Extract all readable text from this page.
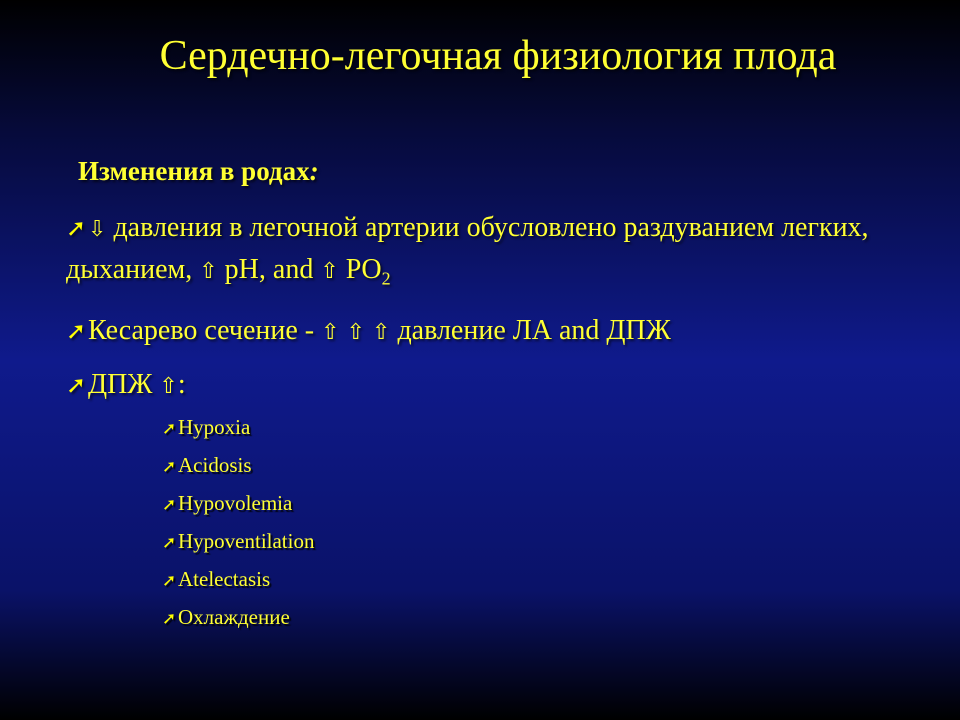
Сердечно-легочная физиология плода
Изменения в родах:
➚⇩ давления в легочной артерии обусловлено раздуванием легких, дыханием, ⇧ pH, and ⇧ $PO_2$
➚Кесарево сечение - ⇧ ⇧ ⇧ давление ЛА and ДПЖ
➚ДПЖ ⇧:
➚Hypoxia
➚Acidosis
➚Hypovolemia
➚Hypoventilation
➚Atelectasis
➚Охлаждение
